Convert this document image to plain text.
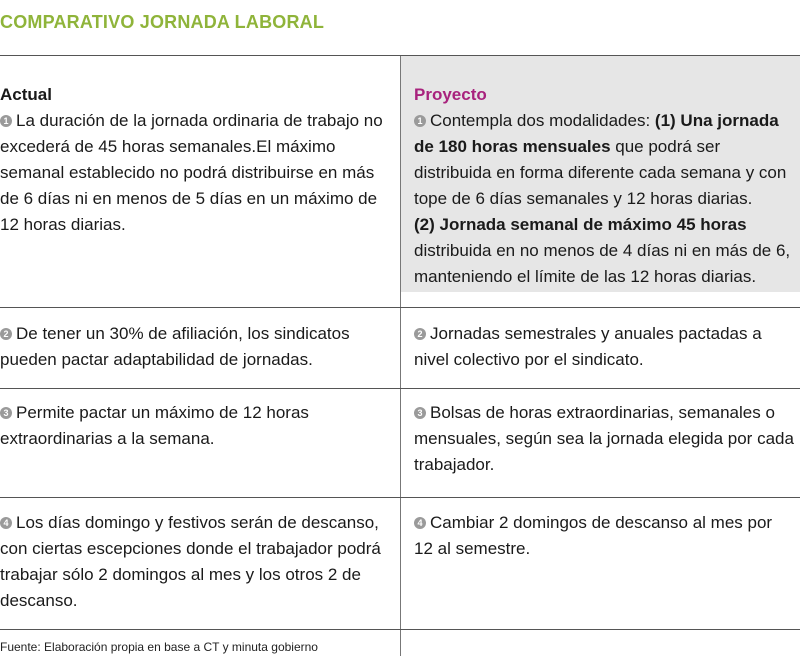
COMPARATIVO JORNADA LABORAL
Actual
1 La duración de la jornada ordinaria de trabajo no excederá de 45 horas semanales.El máximo semanal establecido no podrá distribuirse en más de 6 días ni en menos de 5 días en un máximo de 12 horas diarias.
Proyecto
1 Contempla dos modalidades: (1) Una jornada de 180 horas mensuales que podrá ser distribuida en forma diferente cada semana y con tope de 6 días semanales y 12 horas diarias.
(2) Jornada semanal de máximo 45 horas distribuida en no menos de 4 días ni en más de 6, manteniendo el límite de las 12 horas diarias.
2 De tener un 30% de afiliación, los sindicatos pueden pactar adaptabilidad de jornadas.
2 Jornadas semestrales y anuales pactadas a nivel colectivo por el sindicato.
3 Permite pactar un máximo de 12 horas extraordinarias a la semana.
3 Bolsas de horas extraordinarias, semanales o mensuales, según sea la jornada elegida por cada trabajador.
4 Los días domingo y festivos serán de descanso, con ciertas escepciones donde el trabajador podrá trabajar sólo 2 domingos al mes y los otros 2 de descanso.
4 Cambiar 2 domingos de descanso al mes por 12 al semestre.
Fuente: Elaboración propia en base a CT y minuta gobierno
